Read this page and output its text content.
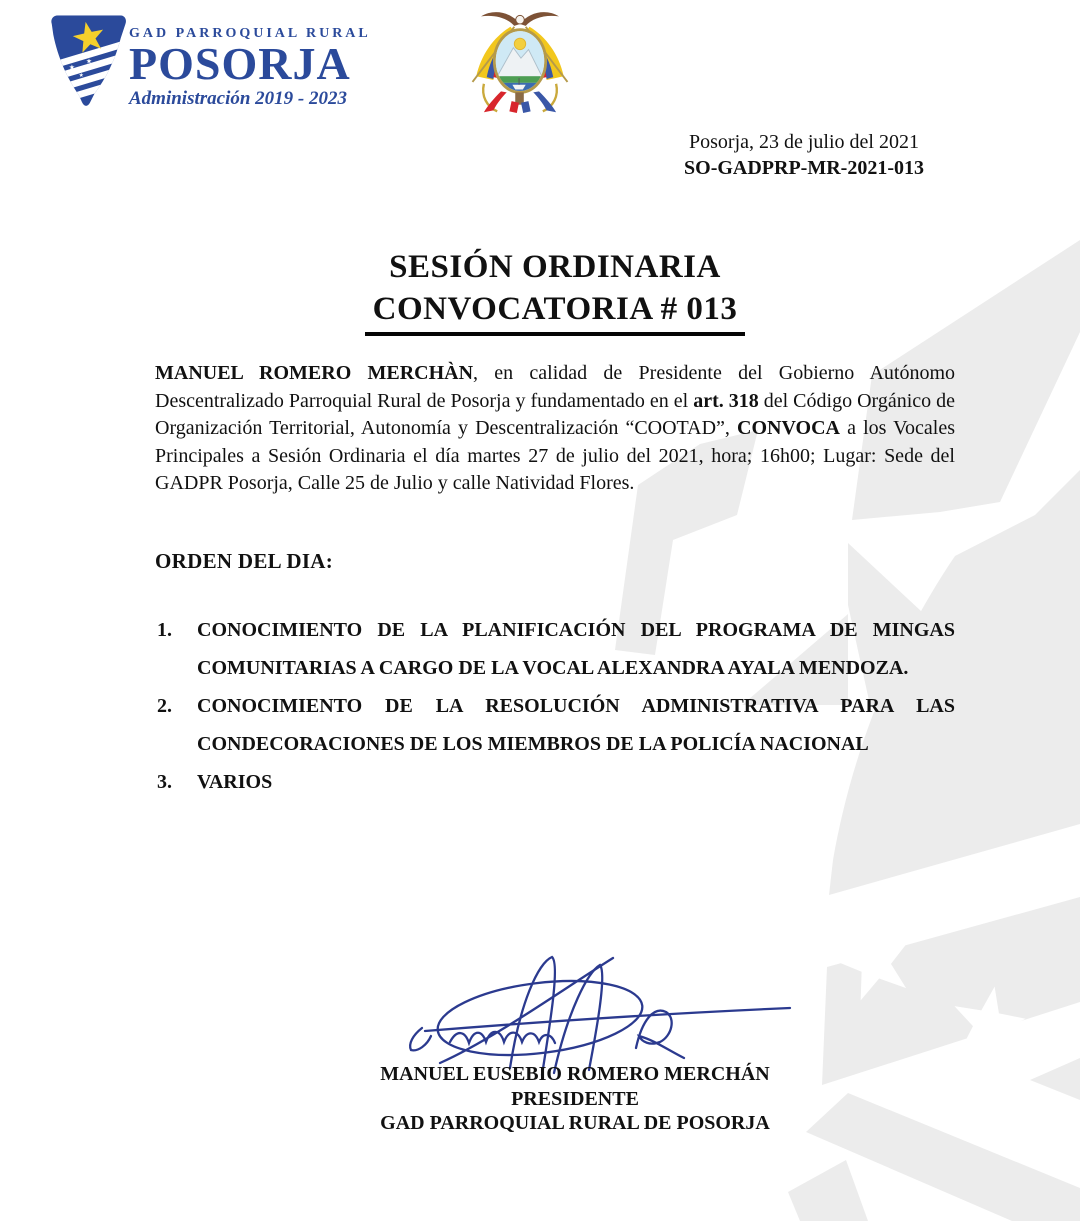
GAD PARROQUIAL RURAL
POSORJA
Administración 2019 - 2023
Posorja, 23 de julio del 2021
SO-GADPRP-MR-2021-013
SESIÓN ORDINARIA
CONVOCATORIA # 013

MANUEL ROMERO MERCHÀN, en calidad de Presidente del Gobierno Autónomo Descentralizado Parroquial Rural de Posorja y fundamentado en el art. 318 del Código Orgánico de Organización Territorial, Autonomía y Descentralización “COOTAD”, CONVOCA a los Vocales Principales a Sesión Ordinaria el día martes 27 de julio del 2021, hora; 16h00; Lugar: Sede del GADPR Posorja, Calle 25 de Julio y calle Natividad Flores.

ORDEN DEL DIA:
1.	CONOCIMIENTO DE LA PLANIFICACIÓN DEL PROGRAMA DE MINGAS COMUNITARIAS A CARGO DE LA VOCAL ALEXANDRA AYALA MENDOZA.
2.	CONOCIMIENTO DE LA RESOLUCIÓN ADMINISTRATIVA PARA LAS CONDECORACIONES DE LOS MIEMBROS DE LA POLICÍA NACIONAL
3.	VARIOS
MANUEL EUSEBIO ROMERO MERCHÁN
PRESIDENTE
GAD PARROQUIAL RURAL DE POSORJA
